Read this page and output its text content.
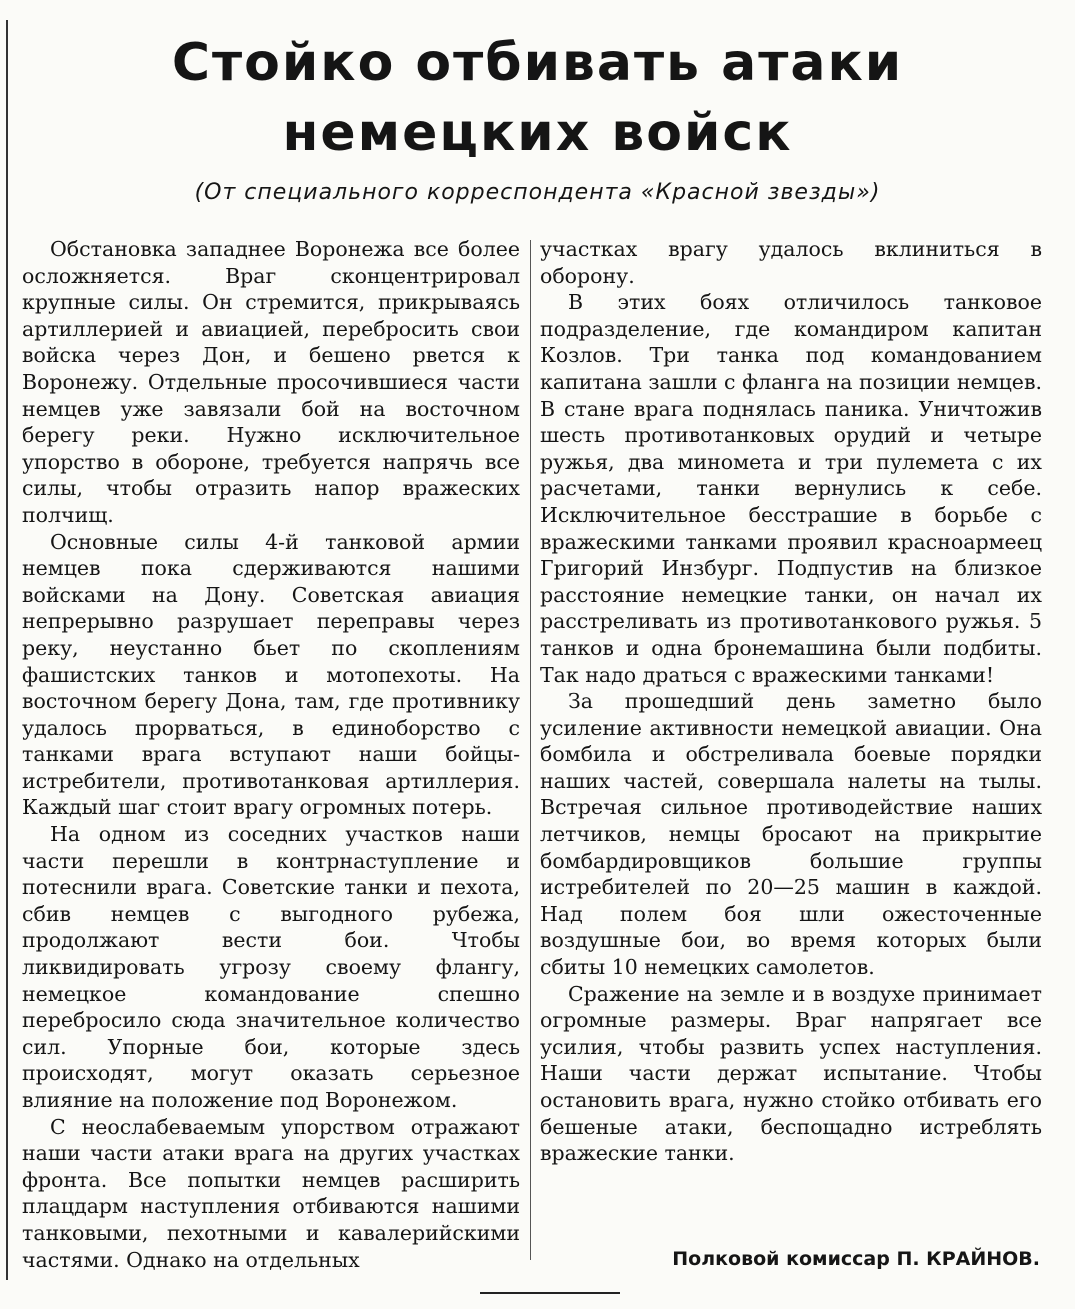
Стойко отбивать атаки
немецких войск
(От специального корреспондента «Красной звезды»)

Обстановка западнее Воронежа все более осложняется. Враг сконцентрировал крупные силы. Он стремится, прикрываясь артиллерией и авиацией, перебросить свои войска через Дон, и бешено рвется к Воронежу. Отдельные просочившиеся части немцев уже завязали бой на восточном берегу реки. Нужно исключительное упорство в обороне, требуется напрячь все силы, чтобы отразить напор вражеских полчищ.

Основные силы 4-й танковой армии немцев пока сдерживаются нашими войсками на Дону. Советская авиация непрерывно разрушает переправы через реку, неустанно бьет по скоплениям фашистских танков и мотопехоты. На восточном берегу Дона, там, где противнику удалось прорваться, в единоборство с танками врага вступают наши бойцы-истребители, противотанковая артиллерия. Каждый шаг стоит врагу огромных потерь.

На одном из соседних участков наши части перешли в контрнаступление и потеснили врага. Советские танки и пехота, сбив немцев с выгодного рубежа, продолжают вести бои. Чтобы ликвидировать угрозу своему флангу, немецкое командование спешно перебросило сюда значительное количество сил. Упорные бои, которые здесь происходят, могут оказать серьезное влияние на положение под Воронежом.

С неослабеваемым упорством отражают наши части атаки врага на других участках фронта. Все попытки немцев расширить плацдарм наступления отбиваются нашими танковыми, пехотными и кавалерийскими частями. Однако на отдельных

участках врагу удалось вклиниться в оборону.

В этих боях отличилось танковое подразделение, где командиром капитан Козлов. Три танка под командованием капитана зашли с фланга на позиции немцев. В стане врага поднялась паника. Уничтожив шесть противотанковых орудий и четыре ружья, два миномета и три пулемета с их расчетами, танки вернулись к себе. Исключительное бесстрашие в борьбе с вражескими танками проявил красноармеец Григорий Инзбург. Подпустив на близкое расстояние немецкие танки, он начал их расстреливать из противотанкового ружья. 5 танков и одна бронемашина были подбиты. Так надо драться с вражескими танками!

За прошедший день заметно было усиление активности немецкой авиации. Она бомбила и обстреливала боевые порядки наших частей, совершала налеты на тылы. Встречая сильное противодействие наших летчиков, немцы бросают на прикрытие бомбардировщиков большие группы истребителей по 20—25 машин в каждой. Над полем боя шли ожесточенные воздушные бои, во время которых были сбиты 10 немецких самолетов.

Сражение на земле и в воздухе принимает огромные размеры. Враг напрягает все усилия, чтобы развить успех наступления. Наши части держат испытание. Чтобы остановить врага, нужно стойко отбивать его бешеные атаки, беспощадно истреблять вражеские танки.

Полковой комиссар П. КРАЙНОВ.
